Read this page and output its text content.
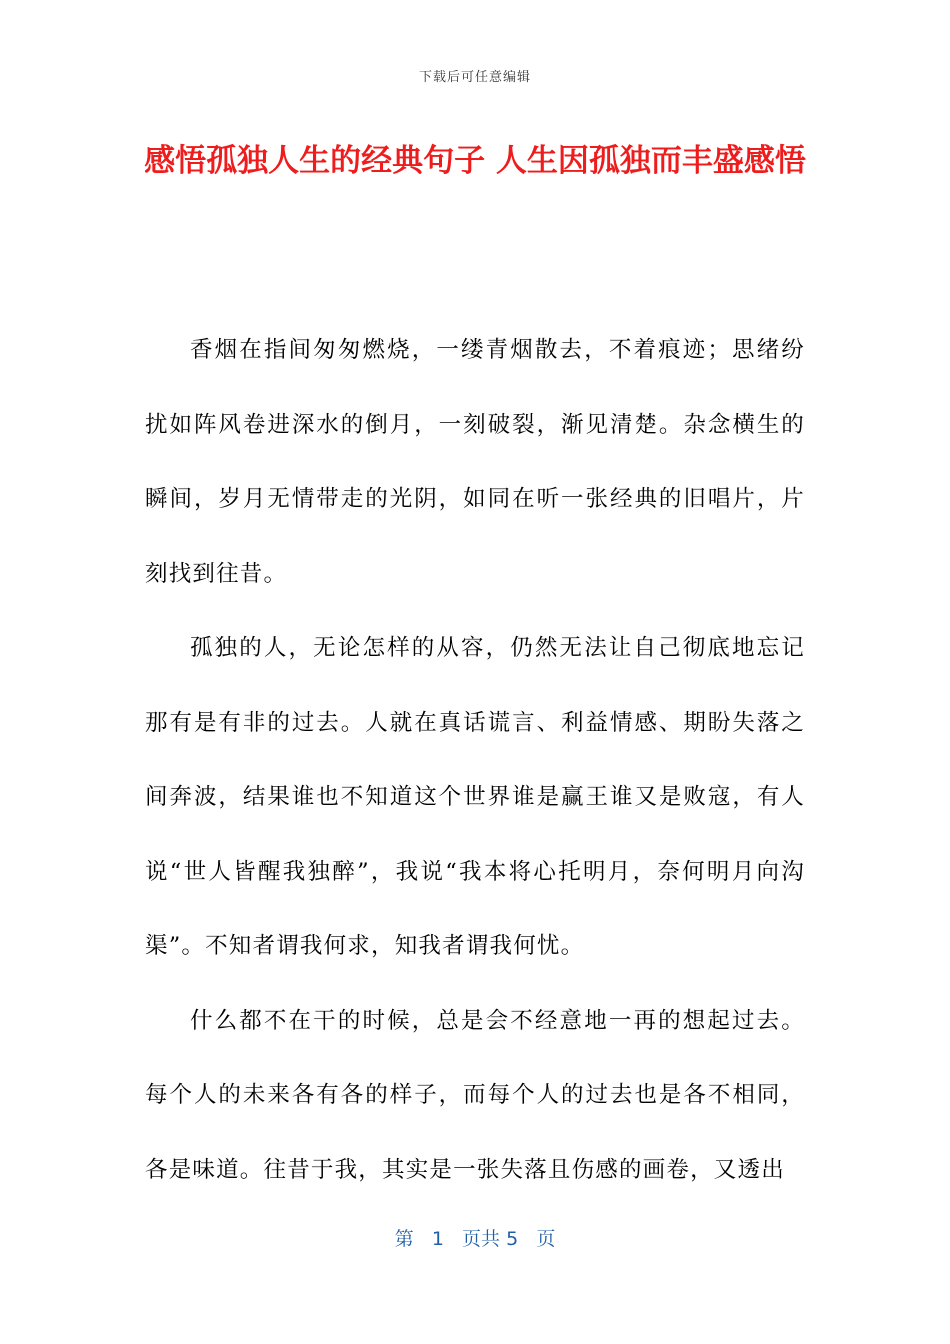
下载后可任意编辑
感悟孤独人生的经典句子 人生因孤独而丰盛感悟

香烟在指间匆匆燃烧，一缕青烟散去，不着痕迹；思绪纷扰如阵风卷进深水的倒月，一刻破裂，渐见清楚。杂念横生的瞬间，岁月无情带走的光阴，如同在听一张经典的旧唱片，片刻找到往昔。

孤独的人，无论怎样的从容，仍然无法让自己彻底地忘记那有是有非的过去。人就在真话谎言、利益情感、期盼失落之间奔波，结果谁也不知道这个世界谁是赢王谁又是败寇，有人说“世人皆醒我独醉”，我说“我本将心托明月，奈何明月向沟渠”。不知者谓我何求，知我者谓我何忧。

什么都不在干的时候，总是会不经意地一再的想起过去。每个人的未来各有各的样子，而每个人的过去也是各不相同，各是味道。往昔于我，其实是一张失落且伤感的画卷，又透出

第 1 页共 5 页
